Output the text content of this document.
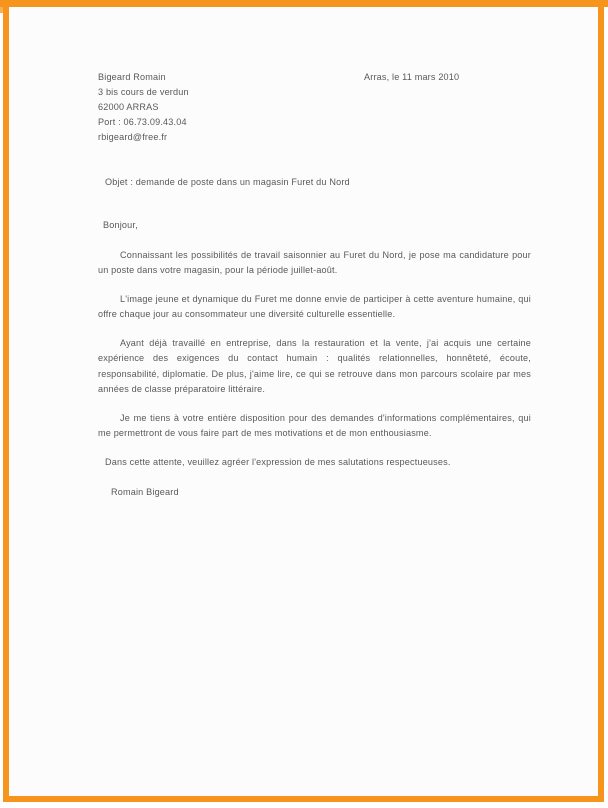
Bigeard Romain
3 bis cours de verdun
62000 ARRAS
Port : 06.73.09.43.04
rbigeard@free.fr
Arras, le 11 mars 2010
Objet : demande de poste dans un magasin Furet du Nord
Bonjour,

Connaissant les possibilités de travail saisonnier au Furet du Nord, je pose ma candidature pour un poste dans votre magasin, pour la période juillet-août.

L'image jeune et dynamique du Furet me donne envie de participer à cette aventure humaine, qui offre chaque jour au consommateur une diversité culturelle essentielle.

Ayant déjà travaillé en entreprise, dans la restauration et la vente, j'ai acquis une certaine expérience des exigences du contact humain : qualités relationnelles, honnêteté, écoute, responsabilité, diplomatie. De plus, j'aime lire, ce qui se retrouve dans mon parcours scolaire par mes années de classe préparatoire littéraire.

Je me tiens à votre entière disposition pour des demandes d'informations complémentaires, qui me permettront de vous faire part de mes motivations et de mon enthousiasme.

Dans cette attente, veuillez agréer l'expression de mes salutations respectueuses.
Romain Bigeard
